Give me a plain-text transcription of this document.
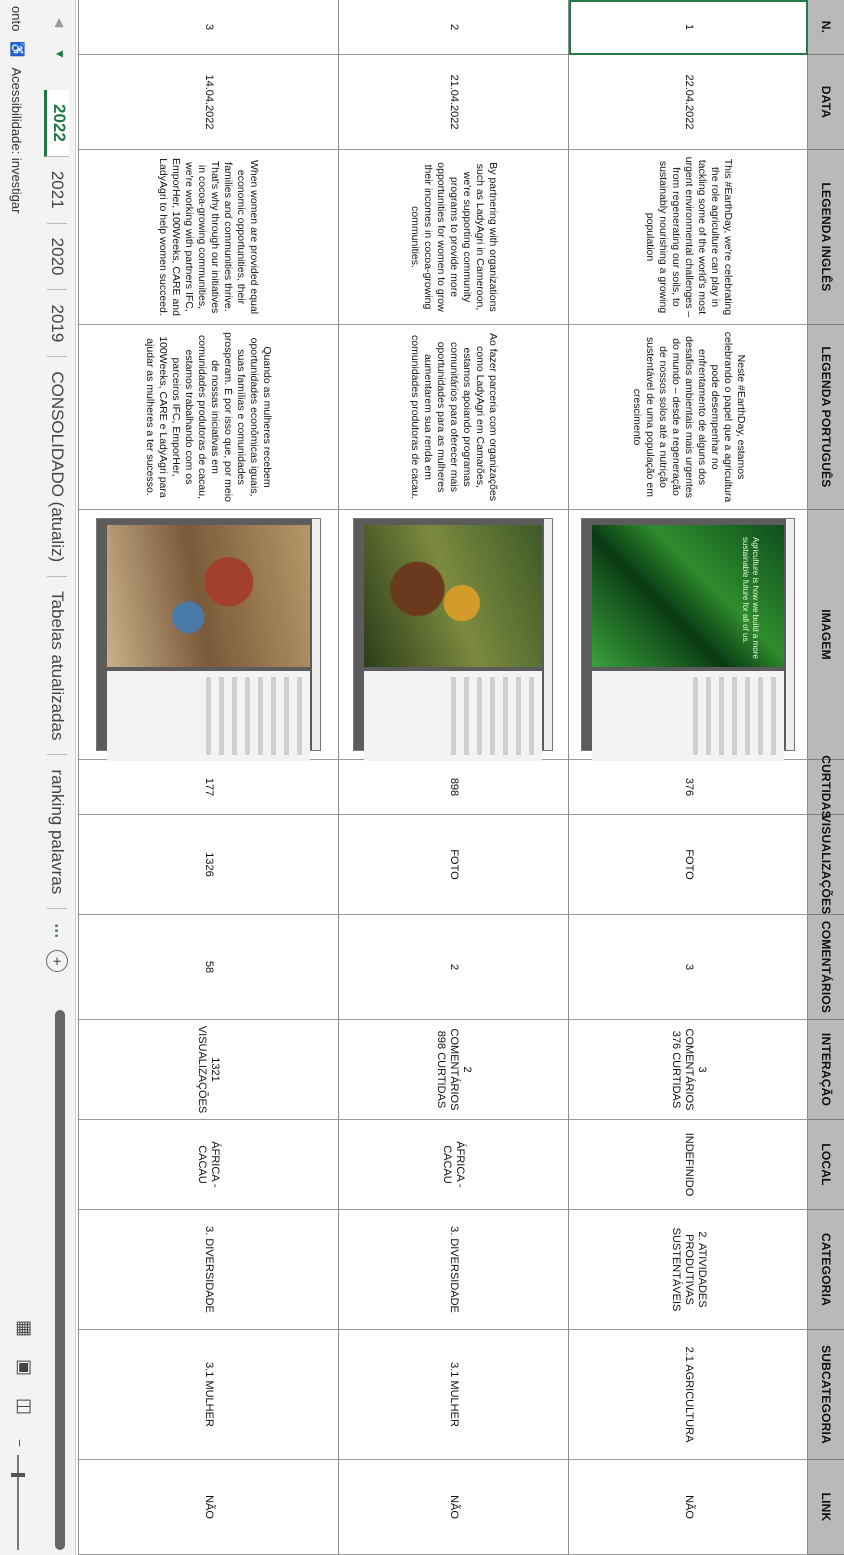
N.
DATA
LEGENDA INGLÊS
LEGENDA PORTUGUÊS
IMAGEM
CURTIDAS
VISUALIZAÇÕES
COMENTÁRIOS
INTERAÇÃO
LOCAL
CATEGORIA
SUBCATEGORIA
LINK
1
22.04.2022
This #EarthDay, we're celebrating the role agriculture can play in tackling some of the world's most urgent environmental challenges – from regenerating our soils, to sustainably nourishing a growing population
Neste #EarthDay, estamos celebrando o papel que a agricultura pode desempenhar no enfrentamento de alguns dos desafios ambientais mais urgentes do mundo – desde a regeneração de nossos solos até a nutrição sustentável de uma população em crescimento

Agriculture is how we build a more sustainable future for all of us.

376
FOTO
3
3
COMENTÁRIOS
376 CURTIDAS
INDEFINIDO
2. ATIVIDADES
PRODUTIVAS
SUSTENTÁVEIS
2.1 AGRICULTURA
NÃO
2
21.04.2022
By partnering with organizations such as LadyAgri in Cameroon, we're supporting community programs to provide more opportunities for women to grow their incomes in cocoa-growing communities.
Ao fazer parceria com organizações como LadyAgri em Camarões, estamos apoiando programas comunitários para oferecer mais oportunidades para as mulheres aumentarem sua renda em comunidades produtoras de cacau.

898
FOTO
2
2
COMENTÁRIOS
898 CURTIDAS
ÁFRICA -
CACAU
3. DIVERSIDADE
3.1 MULHER
NÃO
3
14.04.2022
When women are provided equal economic opportunities, their families and communities thrive. That's why through our initiatives in cocoa-growing communities, we're working with partners IFC, EmporHer, 100Weeks, CARE and LadyAgri to help women succeed.
Quando as mulheres recebem oportunidades econômicas iguais, suas famílias e comunidades prosperam. É por isso que, por meio de nossas iniciativas em comunidades produtoras de cacau, estamos trabalhando com os parceiros IFC, EmporHer, 100Weeks, CARE e LadyAgri para ajudar as mulheres a ter sucesso.

177
1326
58
1321
VISUALIZAÇÕES
ÁFRICA -
CACAU
3. DIVERSIDADE
3.1 MULHER
NÃO
◀
▼
2022
2021
2020
2019
CONSOLIDADO (atualiz)
Tabelas atualizadas
ranking palavras
⋯
+
onto
♿
Acessibilidade: investigar
▦
▣
◫
−
